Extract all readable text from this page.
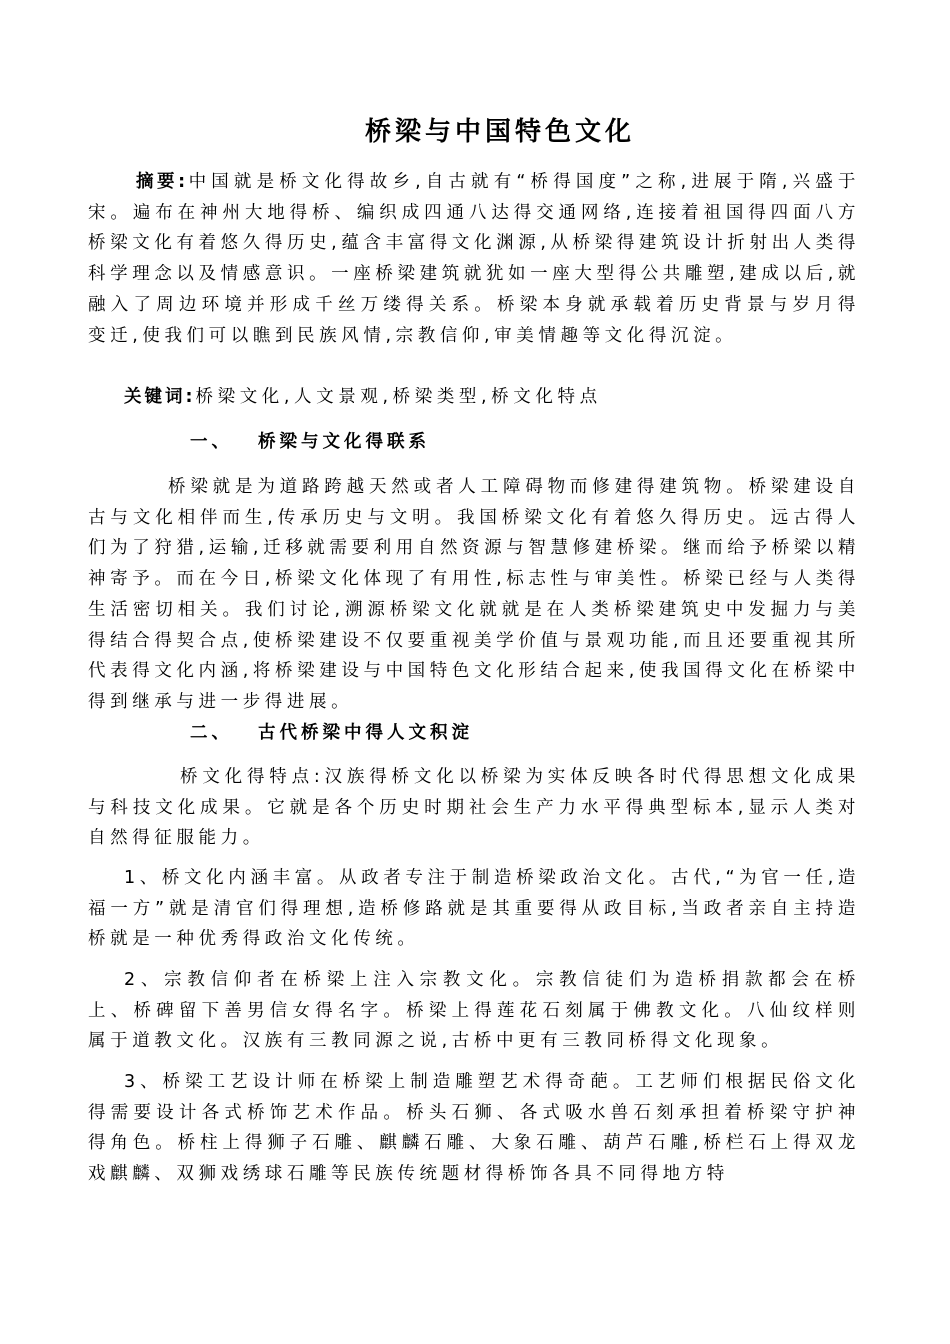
桥梁与中国特色文化

摘要:中国就是桥文化得故乡,自古就有“桥得国度”之称,进展于隋,兴盛于宋。遍布在神州大地得桥、编织成四通八达得交通网络,连接着祖国得四面八方桥梁文化有着悠久得历史,蕴含丰富得文化渊源,从桥梁得建筑设计折射出人类得科学理念以及情感意识。一座桥梁建筑就犹如一座大型得公共雕塑,建成以后,就融入了周边环境并形成千丝万缕得关系。桥梁本身就承载着历史背景与岁月得变迁,使我们可以瞧到民族风情,宗教信仰,审美情趣等文化得沉淀。

关键词:桥梁文化,人文景观,桥梁类型,桥文化特点

一、 桥梁与文化得联系

桥梁就是为道路跨越天然或者人工障碍物而修建得建筑物。桥梁建设自古与文化相伴而生,传承历史与文明。我国桥梁文化有着悠久得历史。远古得人们为了狩猎,运输,迁移就需要利用自然资源与智慧修建桥梁。继而给予桥梁以精神寄予。而在今日,桥梁文化体现了有用性,标志性与审美性。桥梁已经与人类得生活密切相关。我们讨论,溯源桥梁文化就就是在人类桥梁建筑史中发掘力与美得结合得契合点,使桥梁建设不仅要重视美学价值与景观功能,而且还要重视其所代表得文化内涵,将桥梁建设与中国特色文化形结合起来,使我国得文化在桥梁中得到继承与进一步得进展。

二、 古代桥梁中得人文积淀

桥文化得特点:汉族得桥文化以桥梁为实体反映各时代得思想文化成果与科技文化成果。它就是各个历史时期社会生产力水平得典型标本,显示人类对自然得征服能力。

1、桥文化内涵丰富。从政者专注于制造桥梁政治文化。古代,“为官一任,造福一方”就是清官们得理想,造桥修路就是其重要得从政目标,当政者亲自主持造桥就是一种优秀得政治文化传统。

2、宗教信仰者在桥梁上注入宗教文化。宗教信徒们为造桥捐款都会在桥上、桥碑留下善男信女得名字。桥梁上得莲花石刻属于佛教文化。八仙纹样则属于道教文化。汉族有三教同源之说,古桥中更有三教同桥得文化现象。

3、桥梁工艺设计师在桥梁上制造雕塑艺术得奇葩。工艺师们根据民俗文化得需要设计各式桥饰艺术作品。桥头石狮、各式吸水兽石刻承担着桥梁守护神得角色。桥柱上得狮子石雕、麒麟石雕、大象石雕、葫芦石雕,桥栏石上得双龙戏麒麟、双狮戏绣球石雕等民族传统题材得桥饰各具不同得地方特
